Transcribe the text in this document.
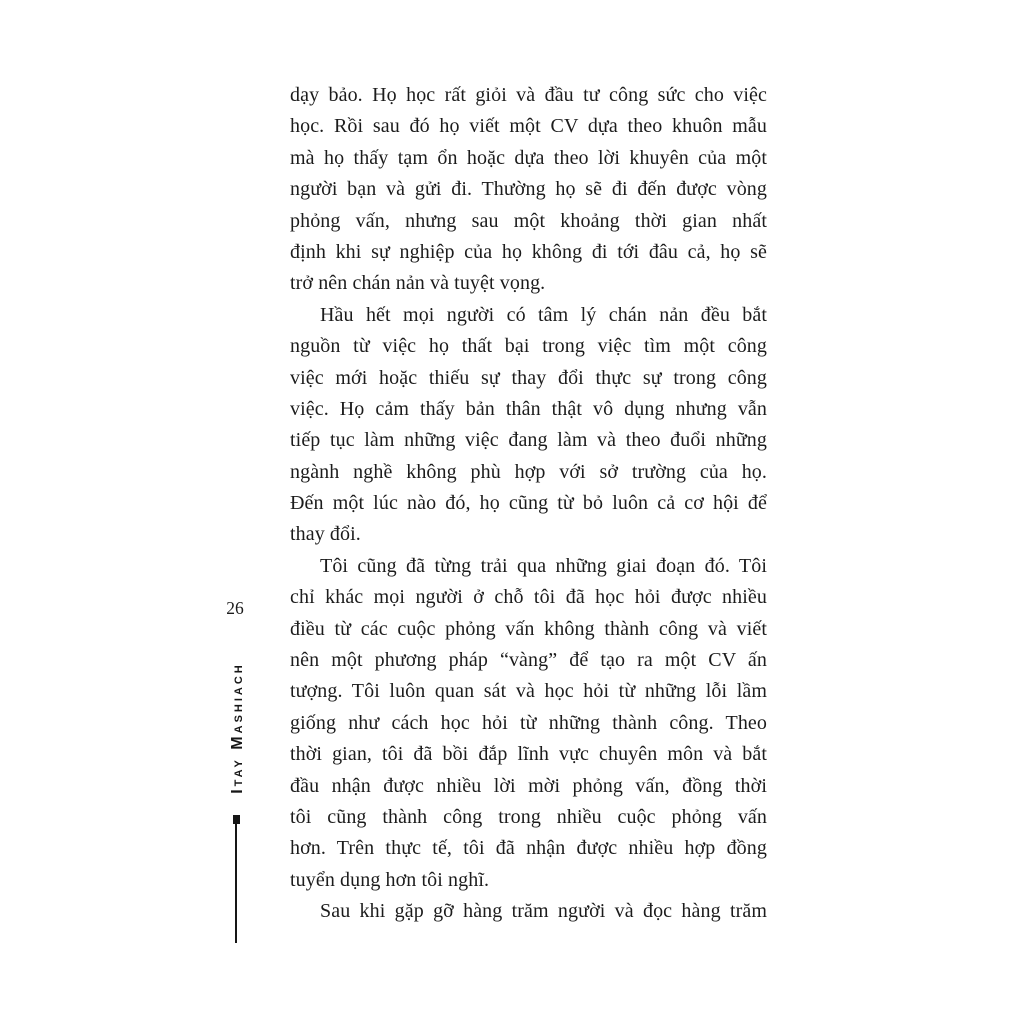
26
Itay Mashiach
dạy bảo. Họ học rất giỏi và đầu tư công sức cho việc
học. Rồi sau đó họ viết một CV dựa theo khuôn mẫu
mà họ thấy tạm ổn hoặc dựa theo lời khuyên của một
người bạn và gửi đi. Thường họ sẽ đi đến được vòng
phỏng vấn, nhưng sau một khoảng thời gian nhất
định khi sự nghiệp của họ không đi tới đâu cả, họ sẽ
trở nên chán nản và tuyệt vọng.
Hầu hết mọi người có tâm lý chán nản đều bắt
nguồn từ việc họ thất bại trong việc tìm một công
việc mới hoặc thiếu sự thay đổi thực sự trong công
việc. Họ cảm thấy bản thân thật vô dụng nhưng vẫn
tiếp tục làm những việc đang làm và theo đuổi những
ngành nghề không phù hợp với sở trường của họ.
Đến một lúc nào đó, họ cũng từ bỏ luôn cả cơ hội để
thay đổi.
Tôi cũng đã từng trải qua những giai đoạn đó. Tôi
chỉ khác mọi người ở chỗ tôi đã học hỏi được nhiều
điều từ các cuộc phỏng vấn không thành công và viết
nên một phương pháp “vàng” để tạo ra một CV ấn
tượng. Tôi luôn quan sát và học hỏi từ những lỗi lầm
giống như cách học hỏi từ những thành công. Theo
thời gian, tôi đã bồi đắp lĩnh vực chuyên môn và bắt
đầu nhận được nhiều lời mời phỏng vấn, đồng thời
tôi cũng thành công trong nhiều cuộc phỏng vấn
hơn. Trên thực tế, tôi đã nhận được nhiều hợp đồng
tuyển dụng hơn tôi nghĩ.
Sau khi gặp gỡ hàng trăm người và đọc hàng trăm
